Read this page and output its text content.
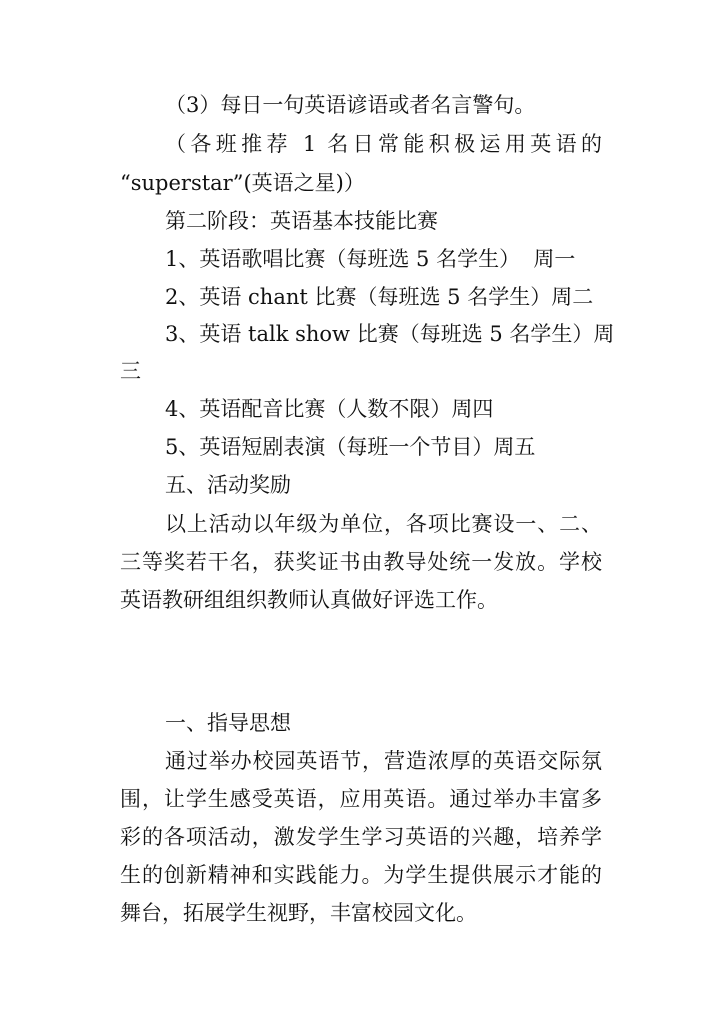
（3）每日一句英语谚语或者名言警句。
（各班推荐 1 名日常能积极运用英语的
“superstar”(英语之星)）
第二阶段：英语基本技能比赛
1、英语歌唱比赛（每班选 5 名学生）  周一
2、英语 chant 比赛（每班选 5 名学生）周二
3、英语 talk show 比赛（每班选 5 名学生）周
三
4、英语配音比赛（人数不限）周四
5、英语短剧表演（每班一个节目）周五
五、活动奖励
以上活动以年级为单位，各项比赛设一、二、
三等奖若干名，获奖证书由教导处统一发放。学校
英语教研组组织教师认真做好评选工作。
一、指导思想
通过举办校园英语节，营造浓厚的英语交际氛
围，让学生感受英语，应用英语。通过举办丰富多
彩的各项活动，激发学生学习英语的兴趣，培养学
生的创新精神和实践能力。为学生提供展示才能的
舞台，拓展学生视野，丰富校园文化。
